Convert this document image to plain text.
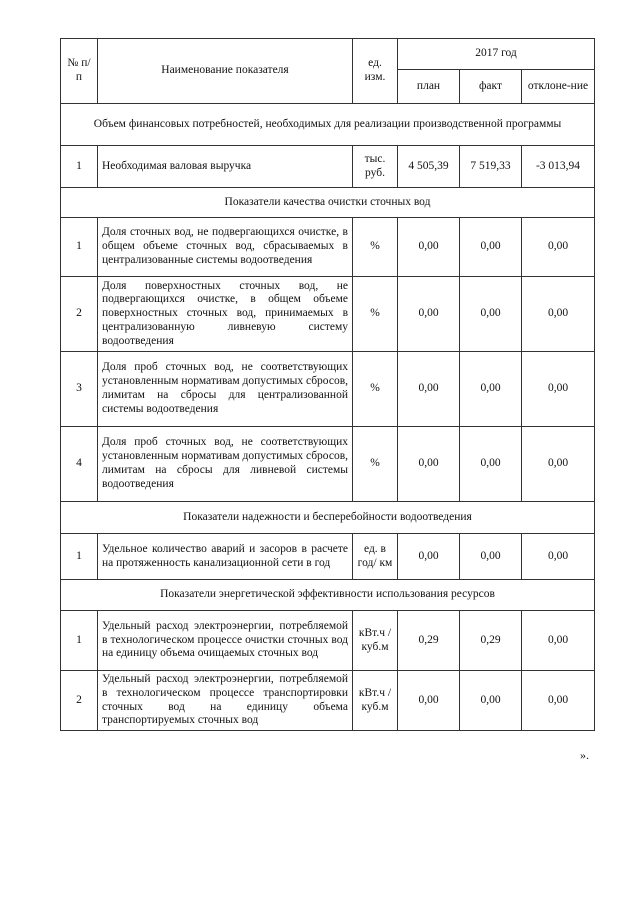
№ п/п	Наименование показателя	ед. изм.	2017 год		
			план	факт	отклоне-ние
Объем финансовых потребностей, необходимых для реализации производственной программы					
1	Необходимая валовая выручка	тыс. руб.	4 505,39	7 519,33	-3 013,94
Показатели качества очистки сточных вод					
1	Доля сточных вод, не подвергающихся очистке, в общем объеме сточных вод, сбрасываемых в централизованные системы водоотведения	%	0,00	0,00	0,00
2	Доля поверхностных сточных вод, не подвергающихся очистке, в общем объеме поверхностных сточных вод, принимаемых в централизованную ливневую систему водоотведения	%	0,00	0,00	0,00
3	Доля проб сточных вод, не соответствующих установленным нормативам допустимых сбросов, лимитам на сбросы для централизованной системы водоотведения	%	0,00	0,00	0,00
4	Доля проб сточных вод, не соответствующих установленным нормативам допустимых сбросов, лимитам на сбросы для ливневой системы водоотведения	%	0,00	0,00	0,00
Показатели надежности и бесперебойности водоотведения					
1	Удельное количество аварий и засоров в расчете на протяженность канализационной сети в год	ед. в год/ км	0,00	0,00	0,00
Показатели энергетической эффективности использования ресурсов					
1	Удельный расход электроэнергии, потребляемой в технологическом процессе очистки сточных вод на единицу объема очищаемых сточных вод	кВт.ч / куб.м	0,29	0,29	0,00
2	Удельный расход электроэнергии, потребляемой в технологическом процессе транспортировки сточных вод на единицу объема транспортируемых сточных вод	кВт.ч / куб.м	0,00	0,00	0,00
».
